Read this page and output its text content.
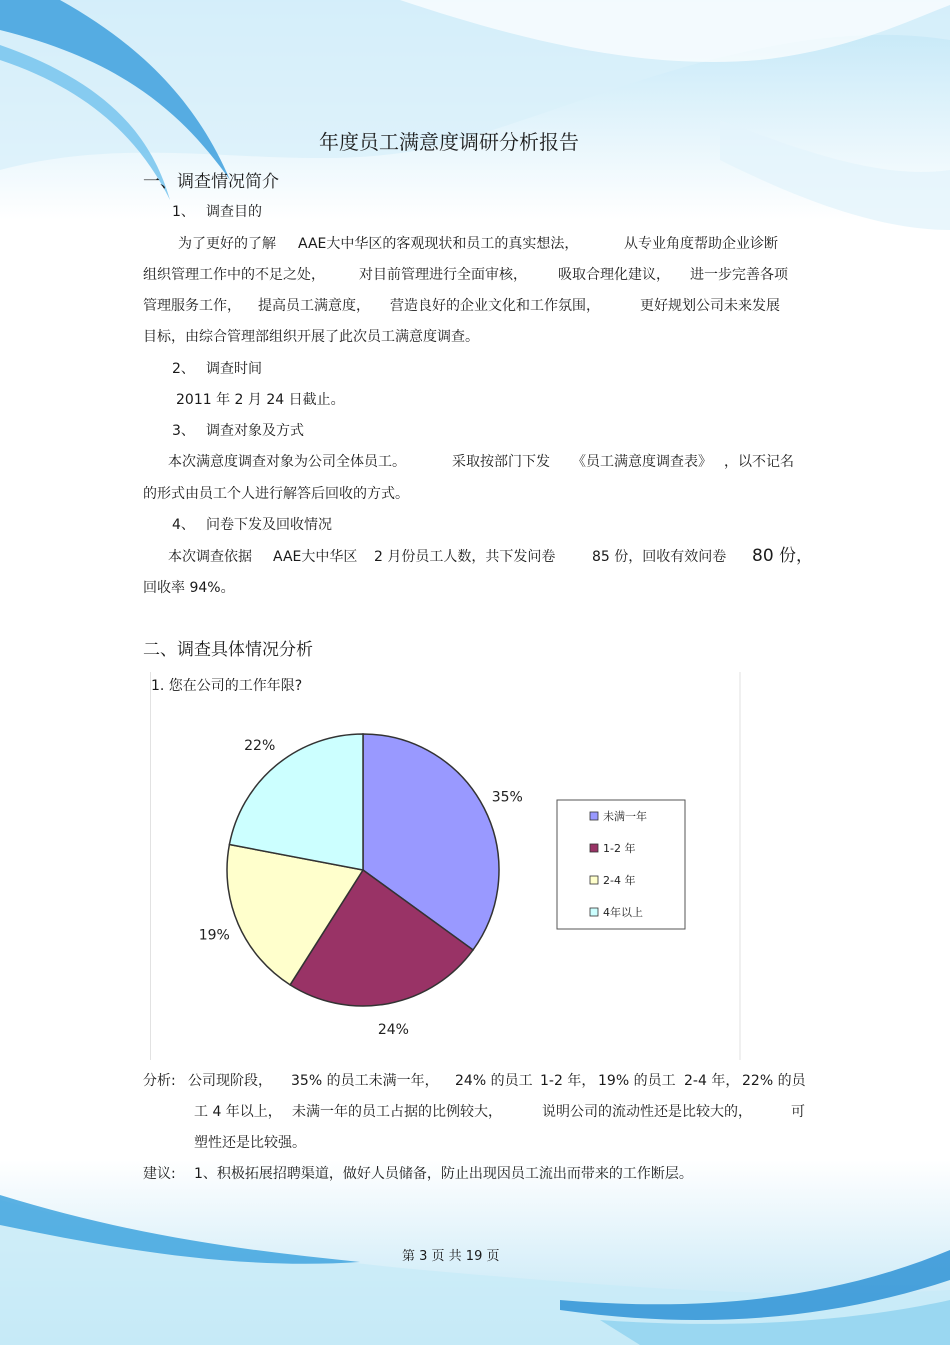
年度员工满意度调研分析报告
一、调查情况简介
1、 调查目的
为了更好的了解 AAE大中华区的客观现状和员工的真实想法，	从专业角度帮助企业诊断
组织管理工作中的不足之处， 对目前管理进行全面审核， 吸取合理化建议， 进一步完善各项
管理服务工作， 提高员工满意度， 营造良好的企业文化和工作氛围，	更好规划公司未来发展
目标，由综合管理部组织开展了此次员工满意度调查。
2、 调查时间
2011 年 2 月 24 日截止。
3、 调查对象及方式
本次满意度调查对象为公司全体员工。	采取按部门下发 《员工满意度调查表》 ，以不记名
的形式由员工个人进行解答后回收的方式。
4、 问卷下发及回收情况
本次调查依据 AAE大中华区 2 月份员工人数，共下发问卷	85 份，回收有效问卷 80 份，
回收率 94%。
二、调查具体情况分析
1. 您在公司的工作年限?
35%
24%
19%
22%
未满一年
1-2 年
2-4 年
4年以上
分析: 公司现阶段， 35% 的员工未满一年， 24% 的员工 1-2 年， 19% 的员工 2-4 年， 22% 的员
工 4 年以上， 未满一年的员工占据的比例较大，	说明公司的流动性还是比较大的，	可
塑性还是比较强。
建议: 1、积极拓展招聘渠道，做好人员储备，防止出现因员工流出而带来的工作断层。
第 3 页 共 19 页
